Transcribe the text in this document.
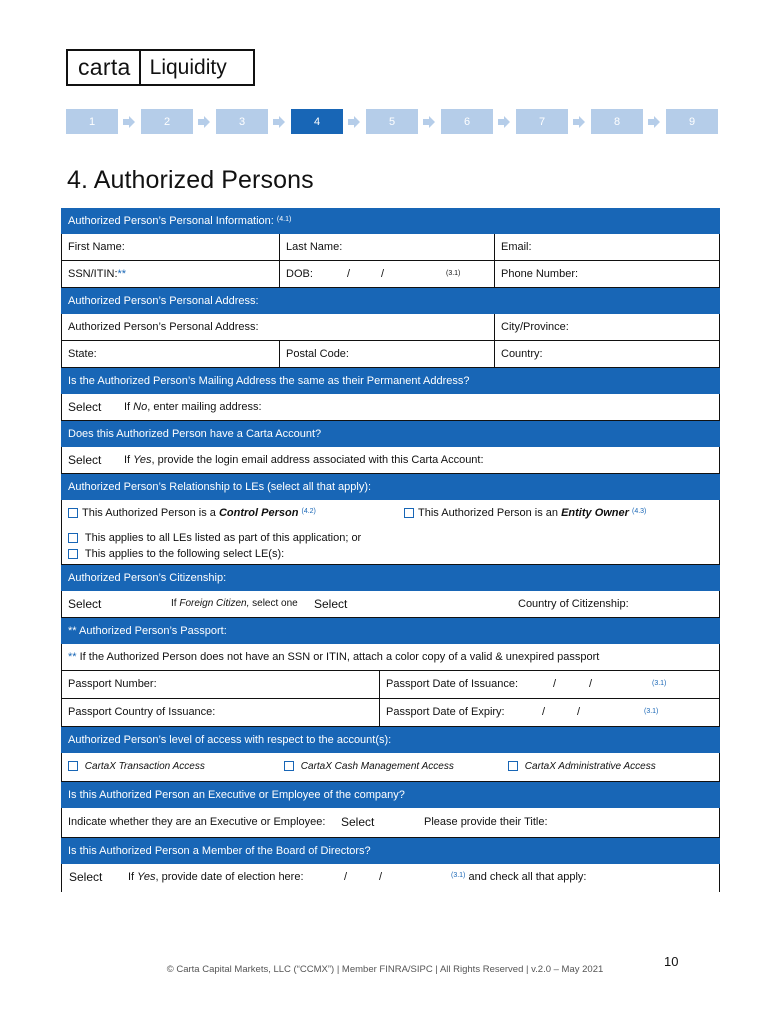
carta Liquidity
1	2	3	4	5	6	7	8	9
4. Authorized Persons
Authorized Person’s Personal Information: $^{(4.1)}$
First Name:	Last Name:	Email:
SSN/ITIN:**	DOB:	/	/	(3.1)	Phone Number:
Authorized Person’s Personal Address:
Authorized Person’s Personal Address:	City/Province:
State:	Postal Code:	Country:
Is the Authorized Person’s Mailing Address the same as their Permanent Address?
Select	If No, enter mailing address:
Does this Authorized Person have a Carta Account?
Select	If Yes, provide the login email address associated with this Carta Account:
Authorized Person’s Relationship to LEs (select all that apply):
This Authorized Person is a Control Person $^{(4.2)}$	This Authorized Person is an Entity Owner $^{(4.3)}$
This applies to all LEs listed as part of this application; or
This applies to the following select LE(s):
Authorized Person’s Citizenship:
Select	If Foreign Citizen, select one	Select	Country of Citizenship:
** Authorized Person’s Passport:
** If the Authorized Person does not have an SSN or ITIN, attach a color copy of a valid & unexpired passport
Passport Number:	Passport Date of Issuance:	/	/	(3.1)
Passport Country of Issuance:	Passport Date of Expiry:	/	/	(3.1)
Authorized Person’s level of access with respect to the account(s):
CartaX Transaction Access	CartaX Cash Management Access	CartaX Administrative Access
Is this Authorized Person an Executive or Employee of the company?
Indicate whether they are an Executive or Employee:	Select	Please provide their Title:
Is this Authorized Person a Member of the Board of Directors?
Select	If Yes, provide date of election here:	/	/	$^{(3.1)}$ and check all that apply:
10
© Carta Capital Markets, LLC (“CCMX”) | Member FINRA/SIPC | All Rights Reserved | v.2.0 – May 2021
